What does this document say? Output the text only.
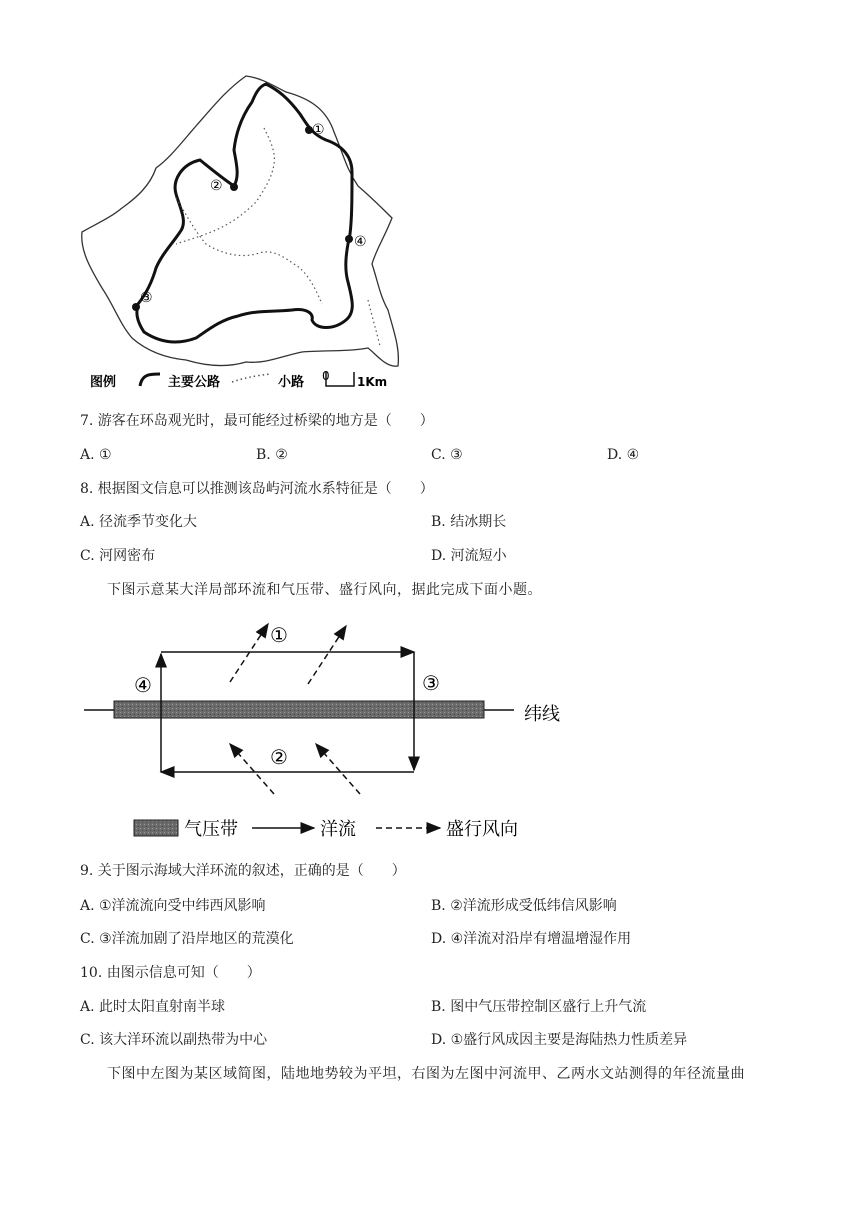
①
②
③
④
图例	主要公路	小路 0 1Km
7. 游客在环岛观光时，最可能经过桥梁的地方是（　　）
A. ①	B. ②	C. ③	D. ④
8. 根据图文信息可以推测该岛屿河流水系特征是（　　）
A. 径流季节变化大	B. 结冰期长
C. 河网密布	D. 河流短小
下图示意某大洋局部环流和气压带、盛行风向，据此完成下面小题。
纬线
①
②
③
④
气压带	洋流	盛行风向
9. 关于图示海域大洋环流的叙述，正确的是（　　）
A. ①洋流流向受中纬西风影响	B. ②洋流形成受低纬信风影响
C. ③洋流加剧了沿岸地区的荒漠化	D. ④洋流对沿岸有增温增湿作用
10. 由图示信息可知（　　）
A. 此时太阳直射南半球	B. 图中气压带控制区盛行上升气流
C. 该大洋环流以副热带为中心	D. ①盛行风成因主要是海陆热力性质差异
下图中左图为某区域简图，陆地地势较为平坦，右图为左图中河流甲、乙两水文站测得的年径流量曲
